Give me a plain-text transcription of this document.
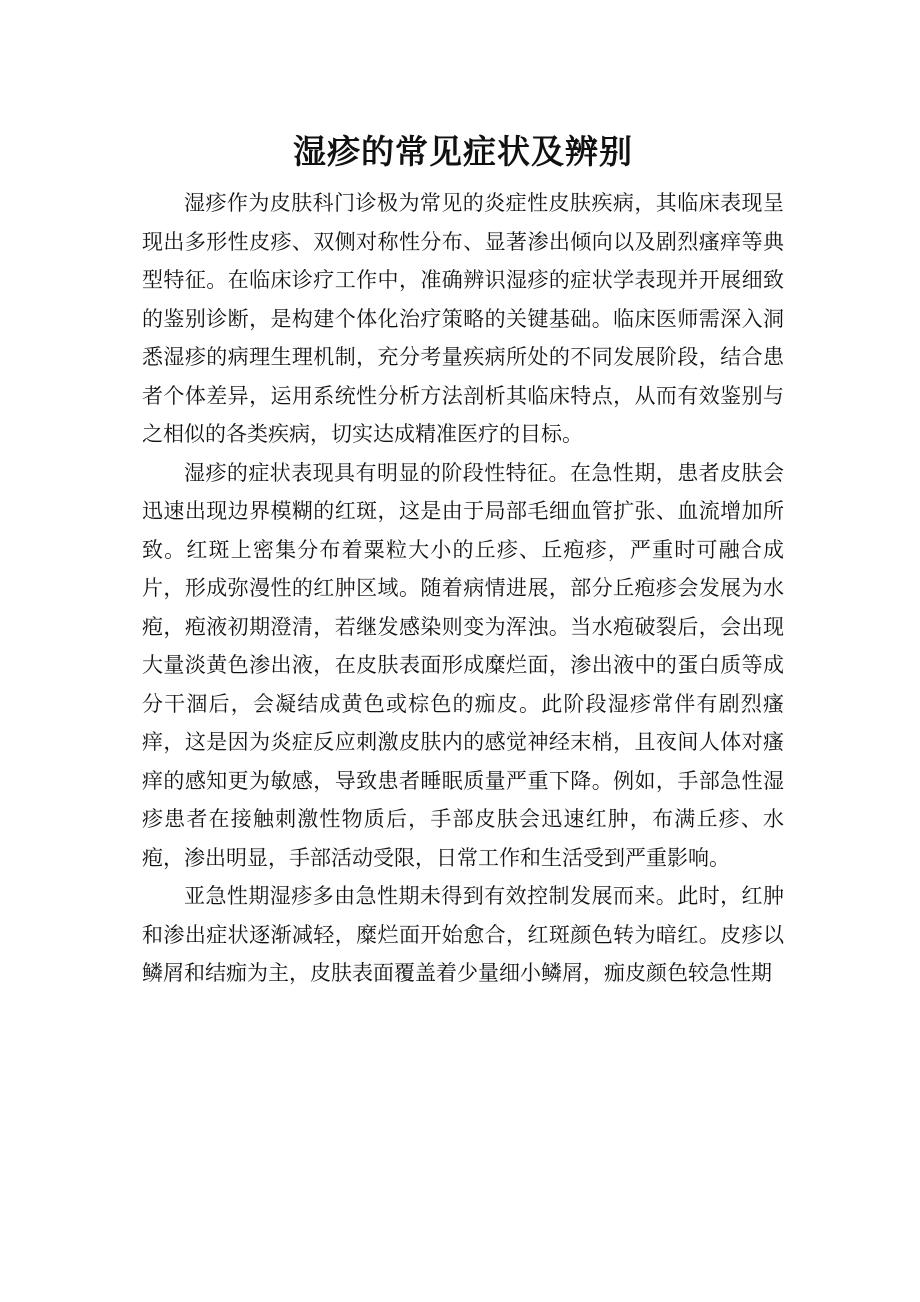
湿疹的常见症状及辨别

湿疹作为皮肤科门诊极为常见的炎症性皮肤疾病，其临床表现呈现出多形性皮疹、双侧对称性分布、显著渗出倾向以及剧烈瘙痒等典型特征。在临床诊疗工作中，准确辨识湿疹的症状学表现并开展细致的鉴别诊断，是构建个体化治疗策略的关键基础。临床医师需深入洞悉湿疹的病理生理机制，充分考量疾病所处的不同发展阶段，结合患者个体差异，运用系统性分析方法剖析其临床特点，从而有效鉴别与之相似的各类疾病，切实达成精准医疗的目标。

湿疹的症状表现具有明显的阶段性特征。在急性期，患者皮肤会迅速出现边界模糊的红斑，这是由于局部毛细血管扩张、血流增加所致。红斑上密集分布着粟粒大小的丘疹、丘疱疹，严重时可融合成片，形成弥漫性的红肿区域。随着病情进展，部分丘疱疹会发展为水疱，疱液初期澄清，若继发感染则变为浑浊。当水疱破裂后，会出现大量淡黄色渗出液，在皮肤表面形成糜烂面，渗出液中的蛋白质等成分干涸后，会凝结成黄色或棕色的痂皮。此阶段湿疹常伴有剧烈瘙痒，这是因为炎症反应刺激皮肤内的感觉神经末梢，且夜间人体对瘙痒的感知更为敏感，导致患者睡眠质量严重下降。例如，手部急性湿疹患者在接触刺激性物质后，手部皮肤会迅速红肿，布满丘疹、水疱，渗出明显，手部活动受限，日常工作和生活受到严重影响。

亚急性期湿疹多由急性期未得到有效控制发展而来。此时，红肿和渗出症状逐渐减轻，糜烂面开始愈合，红斑颜色转为暗红。皮疹以鳞屑和结痂为主，皮肤表面覆盖着少量细小鳞屑，痂皮颜色较急性期
